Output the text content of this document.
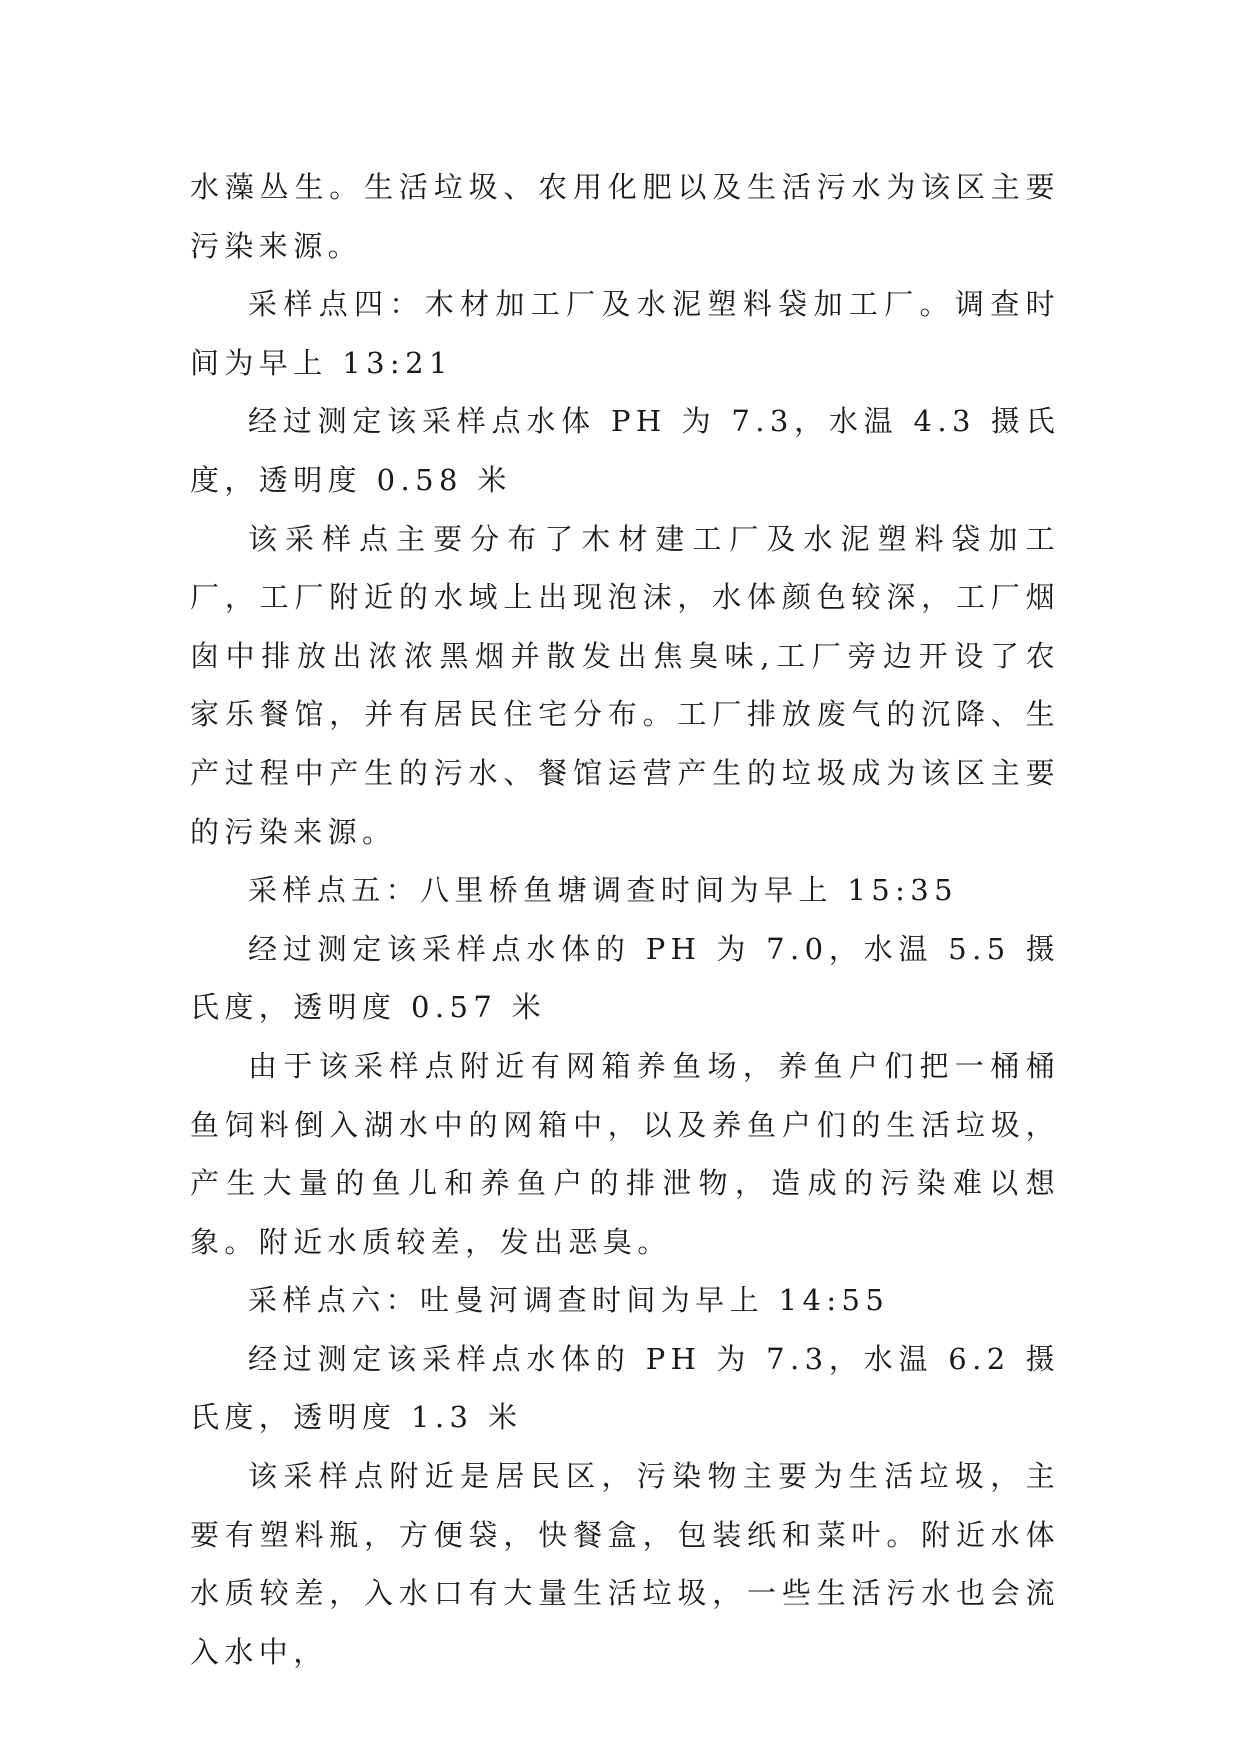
水藻丛生。生活垃圾、农用化肥以及生活污水为该区主要污染来源。

采样点四：木材加工厂及水泥塑料袋加工厂。调查时间为早上 13:21

经过测定该采样点水体 PH 为 7.3，水温 4.3 摄氏度，透明度 0.58 米

该采样点主要分布了木材建工厂及水泥塑料袋加工厂，工厂附近的水域上出现泡沫，水体颜色较深，工厂烟囱中排放出浓浓黑烟并散发出焦臭味,工厂旁边开设了农家乐餐馆，并有居民住宅分布。工厂排放废气的沉降、生产过程中产生的污水、餐馆运营产生的垃圾成为该区主要的污染来源。

采样点五：八里桥鱼塘调查时间为早上 15:35

经过测定该采样点水体的 PH 为 7.0，水温 5.5 摄氏度，透明度 0.57 米

由于该采样点附近有网箱养鱼场，养鱼户们把一桶桶鱼饲料倒入湖水中的网箱中，以及养鱼户们的生活垃圾，产生大量的鱼儿和养鱼户的排泄物，造成的污染难以想象。附近水质较差，发出恶臭。

采样点六：吐曼河调查时间为早上 14:55

经过测定该采样点水体的 PH 为 7.3，水温 6.2 摄氏度，透明度 1.3 米

该采样点附近是居民区，污染物主要为生活垃圾，主要有塑料瓶，方便袋，快餐盒，包装纸和菜叶。附近水体水质较差，入水口有大量生活垃圾，一些生活污水也会流入水中，
